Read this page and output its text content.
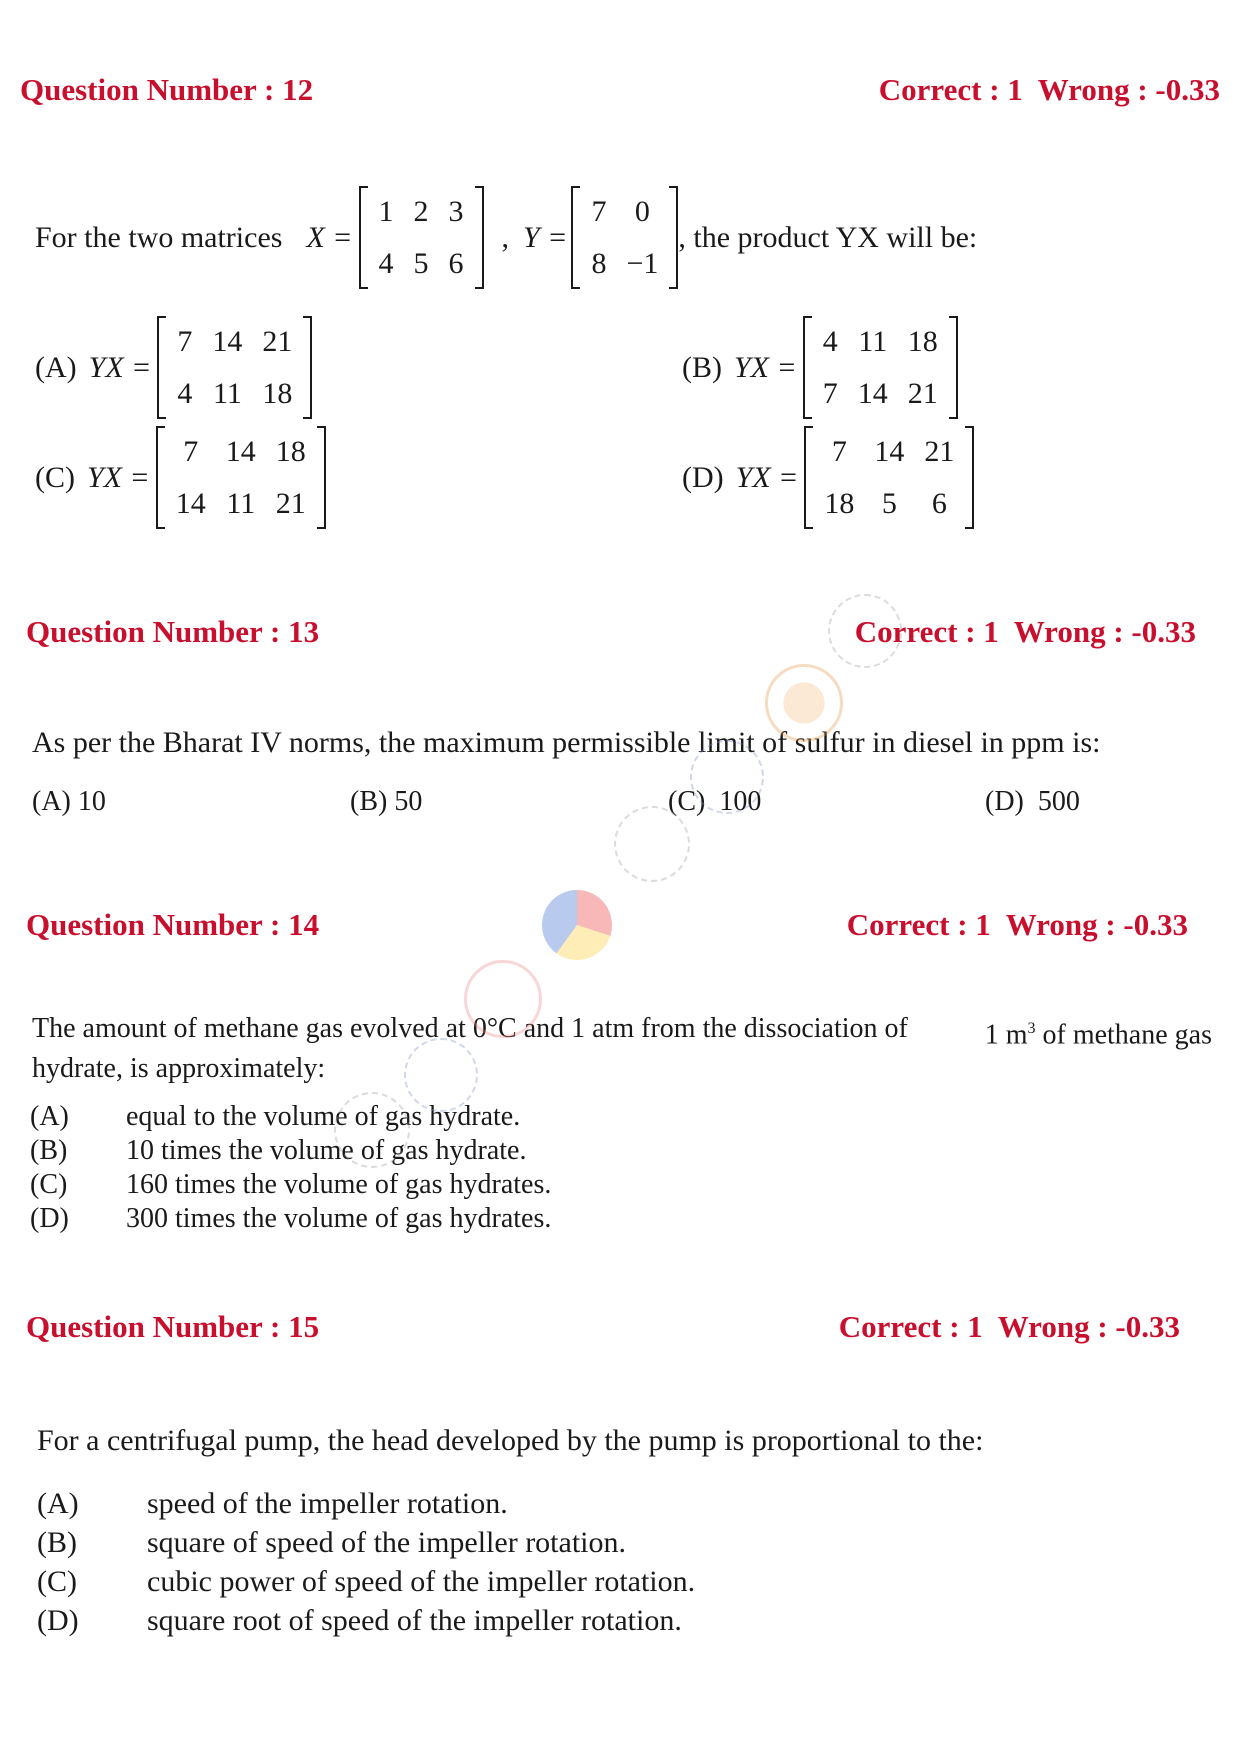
Question Number : 12	Correct : 1  Wrong : -0.33
For the two matrices X =
1	2	3
4	5	6
, Y =
7	0
8	−1
, the product YX will be:
(A) YX =
7	14	21
4	11	18
(B) YX =
4	11	18
7	14	21
(C) YX =
7	14	18
14	11	21
(D) YX =
7	14	21
18	5	6
Question Number : 13	Correct : 1  Wrong : -0.33
As per the Bharat IV norms, the maximum permissible limit of sulfur in diesel in ppm is:
(A) 10	(B) 50	(C) 100	(D) 500
Question Number : 14	Correct : 1  Wrong : -0.33
The amount of methane gas evolved at 0°C and 1 atm from the dissociation of	1 $m^3$ of methane gas
hydrate, is approximately:
(A)	equal to the volume of gas hydrate.
(B)	10 times the volume of gas hydrate.
(C)	160 times the volume of gas hydrates.
(D)	300 times the volume of gas hydrates.
Question Number : 15	Correct : 1  Wrong : -0.33
For a centrifugal pump, the head developed by the pump is proportional to the:
(A)	speed of the impeller rotation.
(B)	square of speed of the impeller rotation.
(C)	cubic power of speed of the impeller rotation.
(D)	square root of speed of the impeller rotation.
